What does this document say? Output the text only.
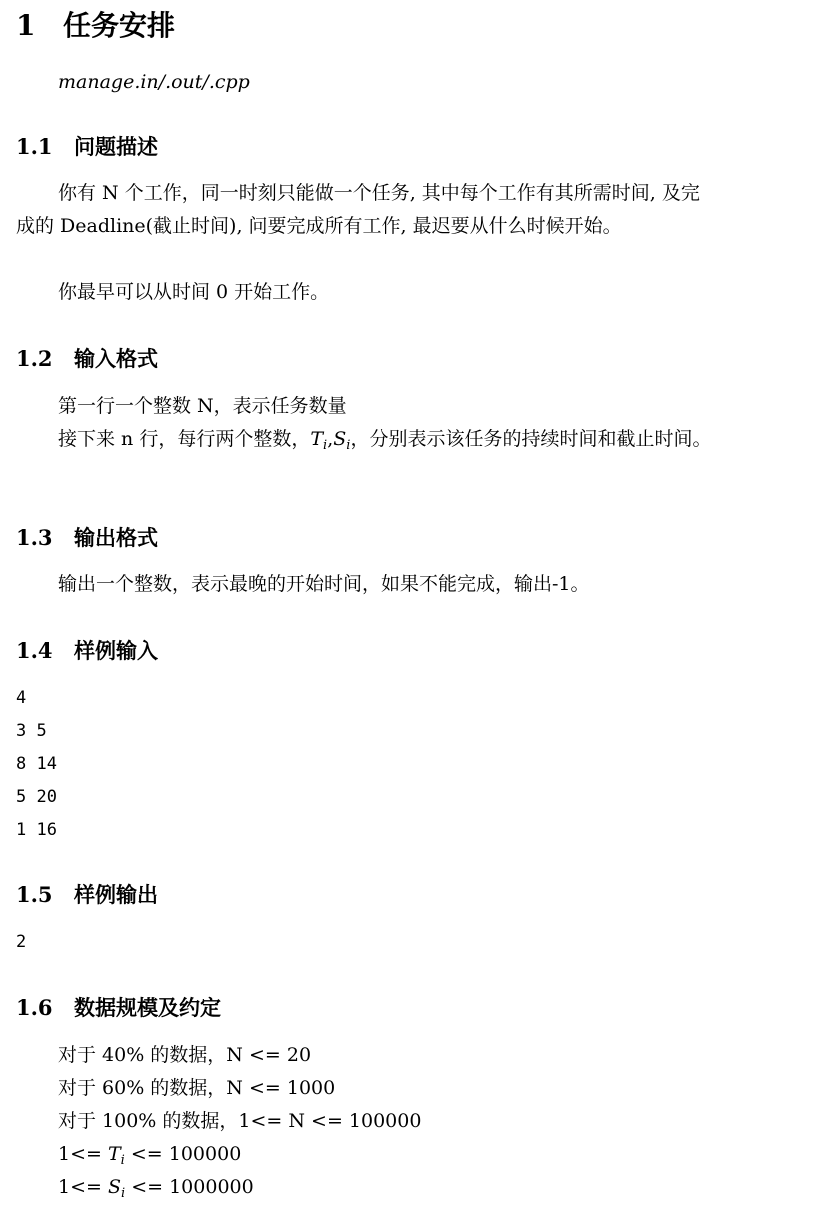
1 任务安排
manage.in/.out/.cpp
1.1 问题描述
你有 N 个工作，同一时刻只能做一个任务, 其中每个工作有其所需时间, 及完成的 Deadline(截止时间), 问要完成所有工作, 最迟要从什么时候开始。
你最早可以从时间 0 开始工作。
1.2 输入格式
第一行一个整数 N，表示任务数量
接下来 n 行，每行两个整数，$T_i,S_i$，分别表示该任务的持续时间和截止时间。
1.3 输出格式
输出一个整数，表示最晚的开始时间，如果不能完成，输出-1。
1.4 样例输入
4
3 5
8 14
5 20
1 16
1.5 样例输出
2
1.6 数据规模及约定
对于 40% 的数据，N <= 20
对于 60% 的数据，N <= 1000
对于 100% 的数据，1<= N <= 100000
$1<= T_i <= 100000$
$1<= S_i <= 1000000$
